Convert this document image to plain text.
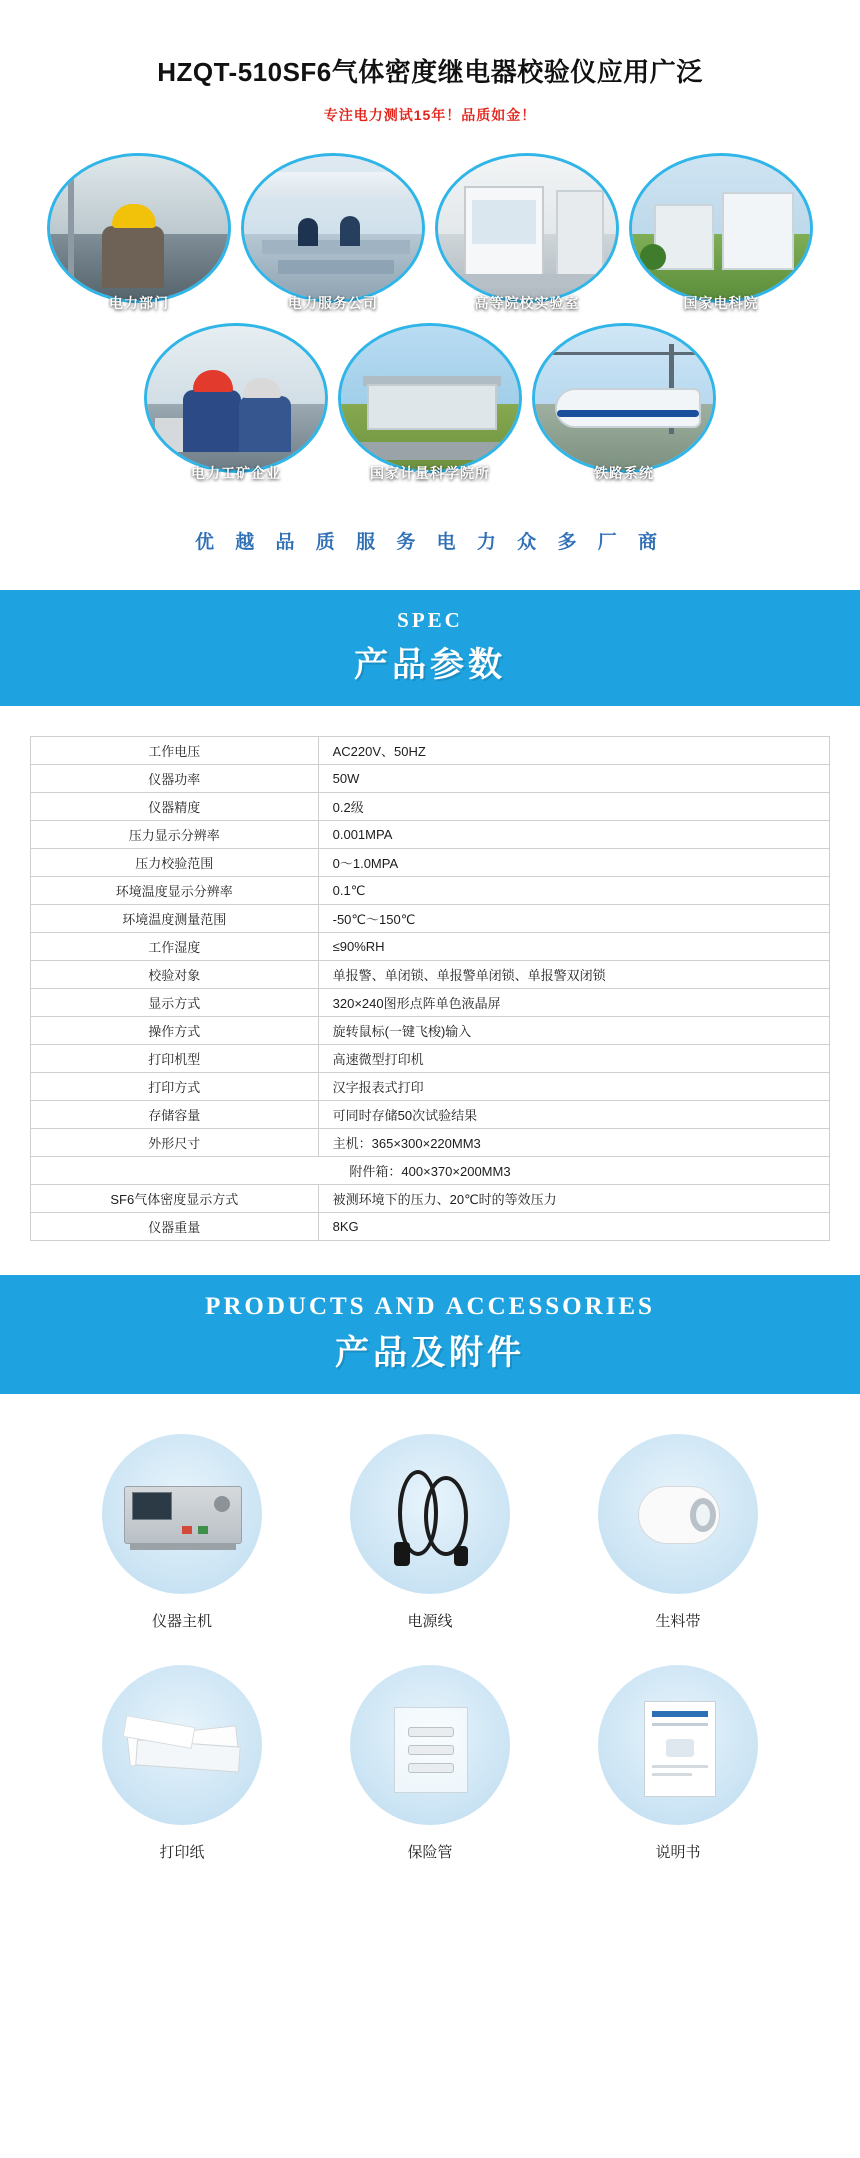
HZQT-510SF6气体密度继电器校验仪应用广泛
专注电力测试15年！品质如金！
电力部门	电力服务公司	高等院校实验室	国家电科院
电力工矿企业	国家计量科学院所	铁路系统
优 越 品 质 服 务 电 力 众 多 厂 商
SPEC
产品参数
工作电压	AC220V、50HZ
仪器功率	50W
仪器精度	0.2级
压力显示分辨率	0.001MPA
压力校验范围	0～1.0MPA
环境温度显示分辨率	0.1℃
环境温度测量范围	-50℃～150℃
工作湿度	≤90%RH
校验对象	单报警、单闭锁、单报警单闭锁、单报警双闭锁
显示方式	320×240图形点阵单色液晶屏
操作方式	旋转鼠标(一键飞梭)输入
打印机型	高速微型打印机
打印方式	汉字报表式打印
存储容量	可同时存储50次试验结果
外形尺寸	主机：365×300×220MM3
附件箱：400×370×200MM3	
SF6气体密度显示方式	被测环境下的压力、20℃时的等效压力
仪器重量	8KG
PRODUCTS AND ACCESSORIES
产品及附件
仪器主机	电源线	生料带
打印纸	保险管	说明书
